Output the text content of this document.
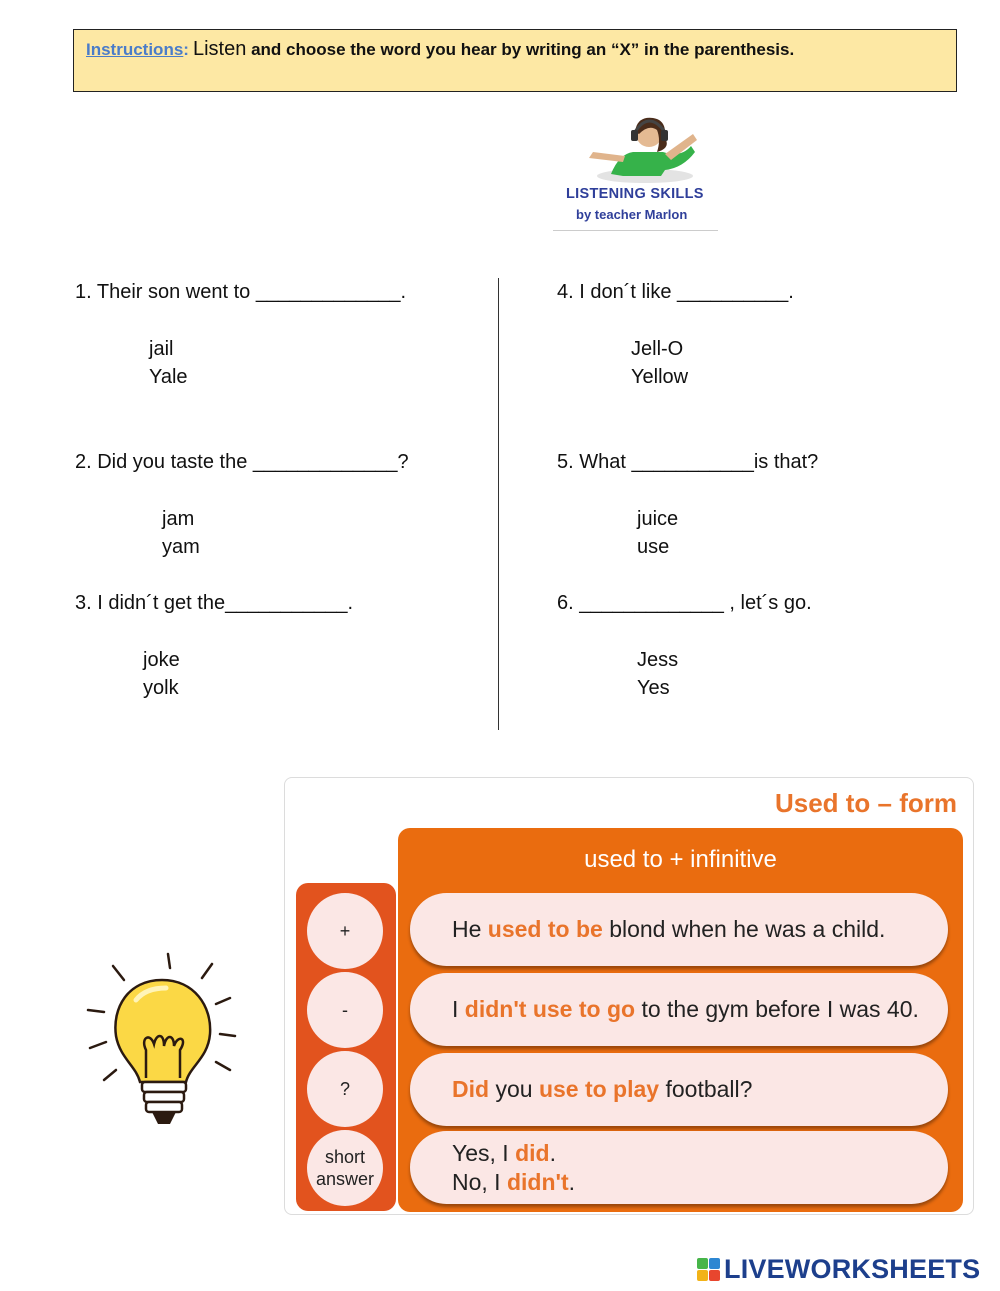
Instructions: Listen and choose the word you hear by writing an “X” in the parenthesis.
LISTENING SKILLS
by teacher Marlon
1. Their son went to _____________.
jail
Yale
2. Did you taste the _____________?
jam
yam
3. I didn´t get the___________.
joke
yolk
4. I don´t like __________.
Jell-O
Yellow
5. What ___________is that?
juice
use
6. _____________ , let´s go.
Jess
Yes
Used to – form
used to + infinitive
He used to be blond when he was a child.
I didn't use to go to the gym before I was 40.
Did you use to play football?
Yes, I did.
No, I didn't.
+
-
?
short answer
LIVEWORKSHEETS
